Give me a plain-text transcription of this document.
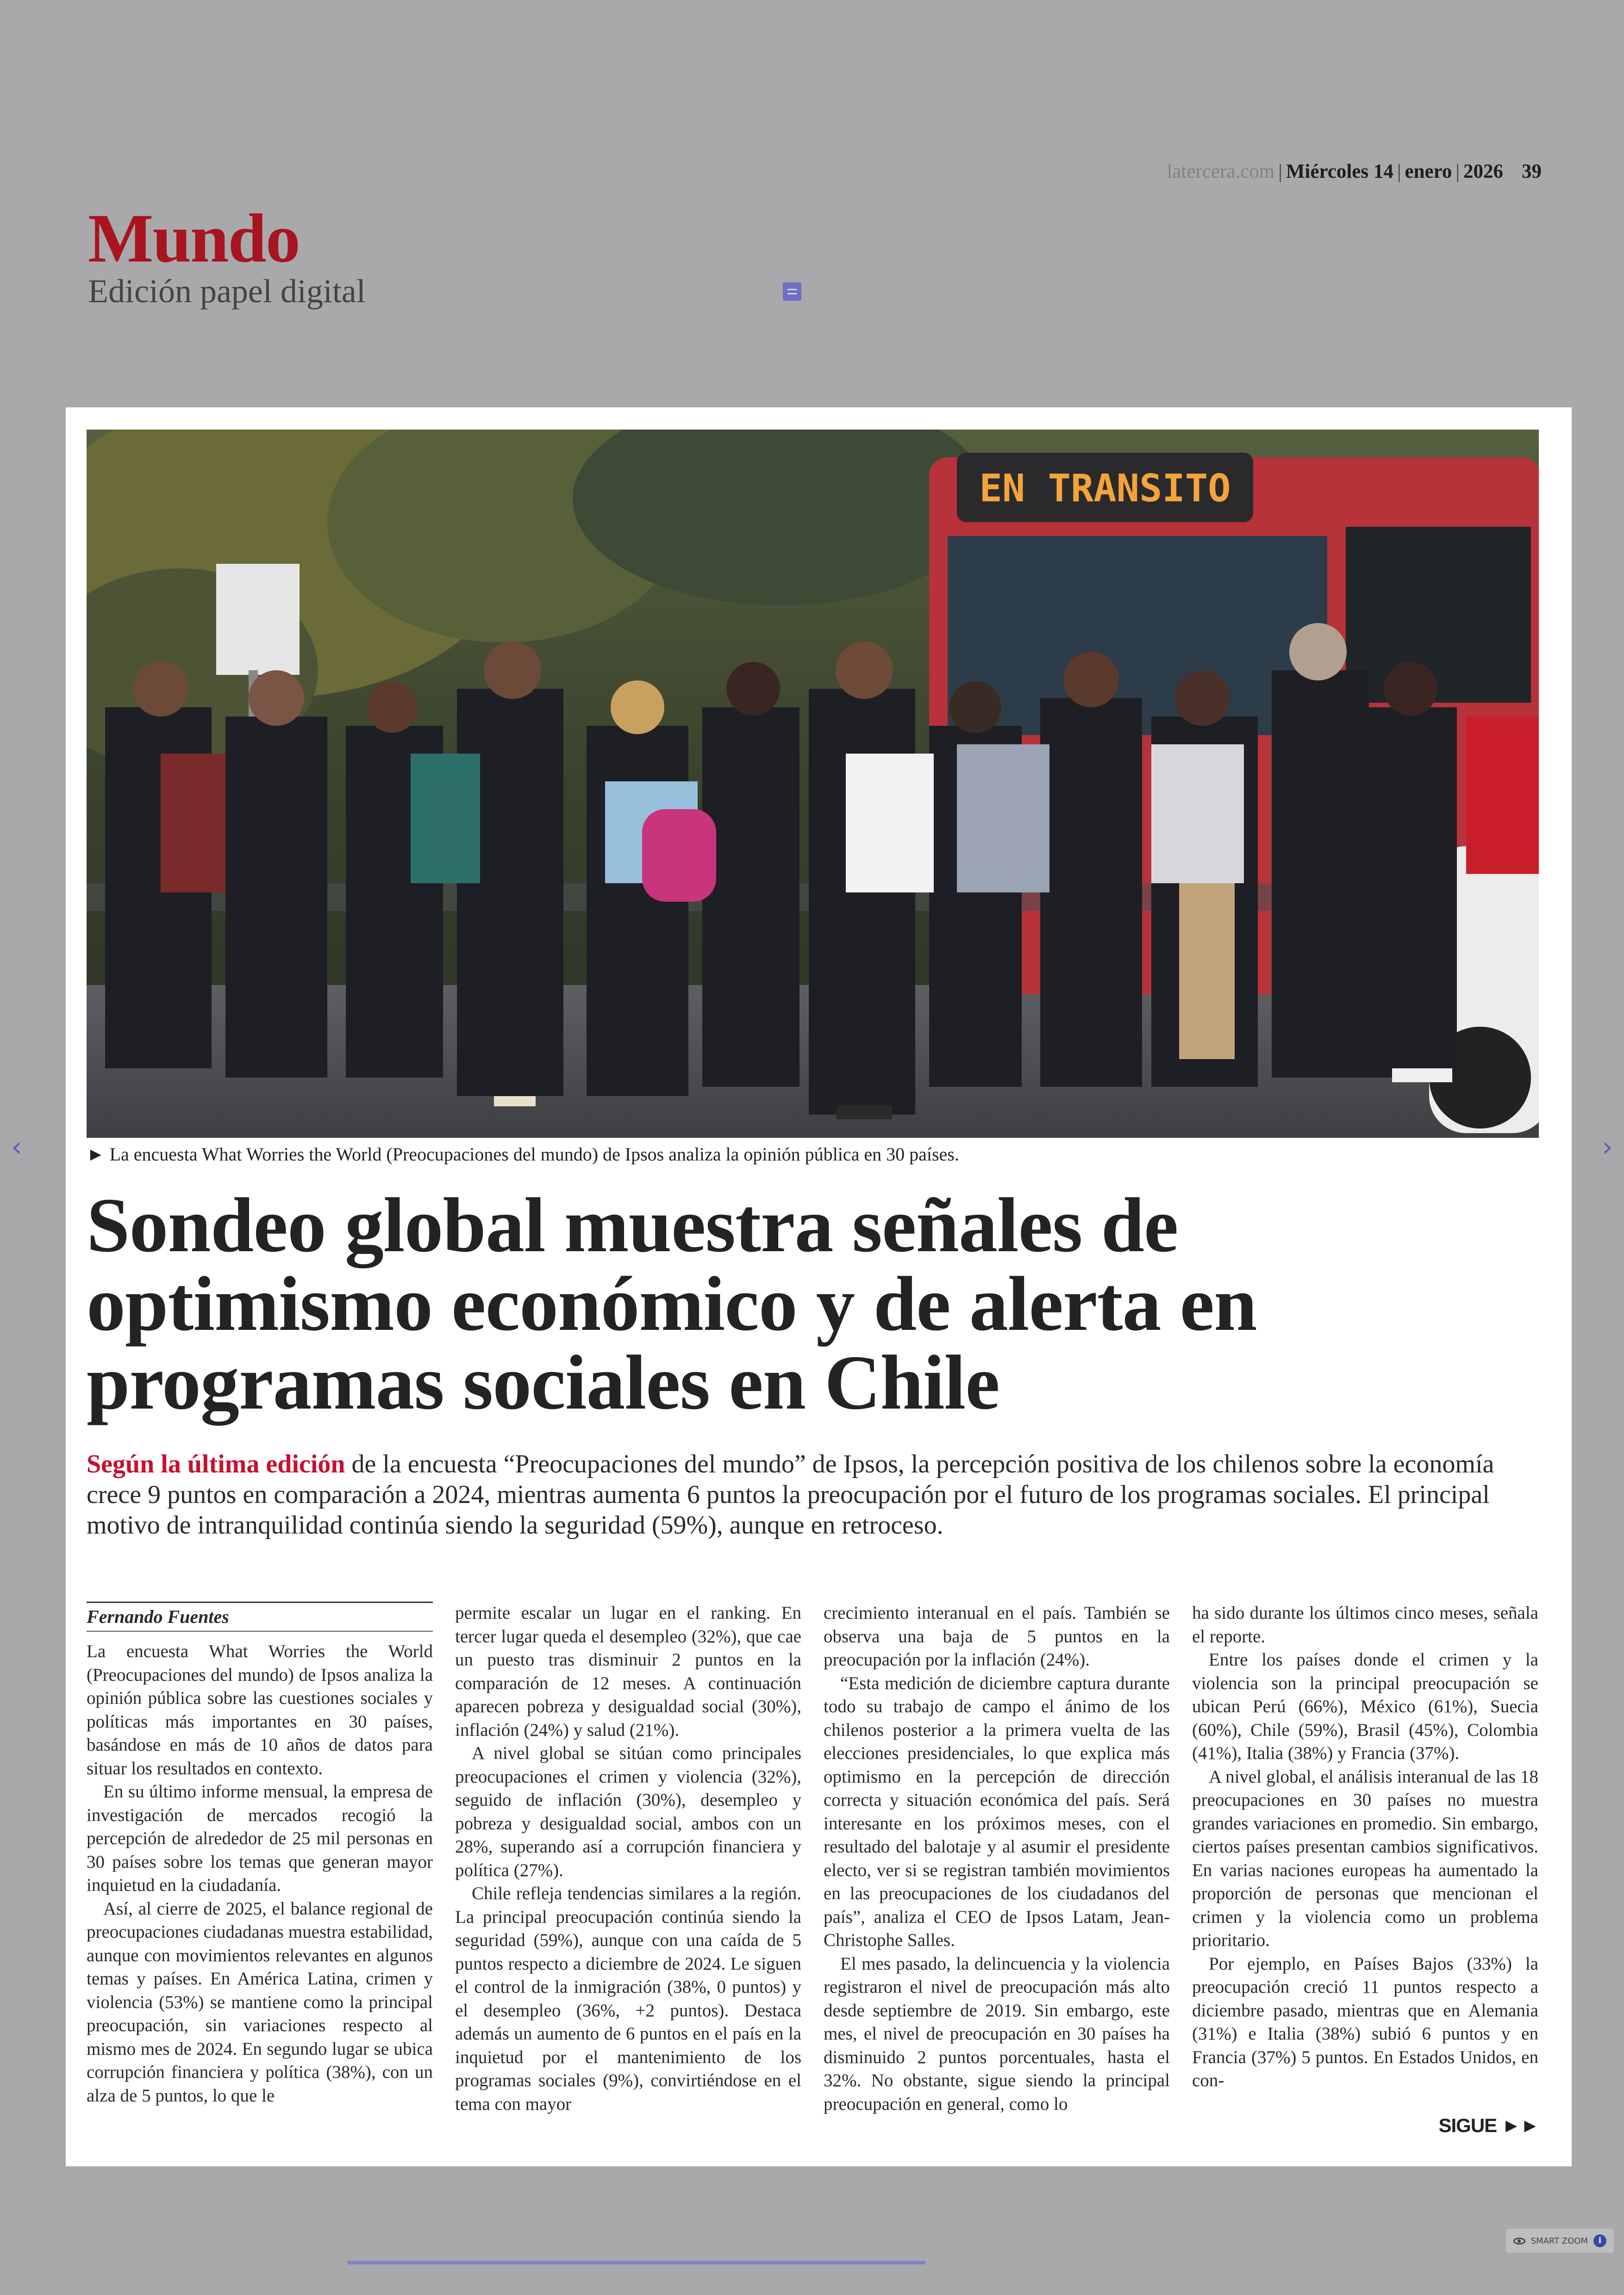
latercera.com | Miércoles 14 | enero | 2026 39
Mundo
Edición papel digital
‹	›
EN TRANSITO
► La encuesta What Worries the World (Preocupaciones del mundo) de Ipsos analiza la opinión pública en 30 países.
Sondeo global muestra señales de optimismo económico y de alerta en programas sociales en Chile

Según la última edición de la encuesta “Preocupaciones del mundo” de Ipsos, la percepción positiva de los chilenos sobre la economía crece 9 puntos en comparación a 2024, mientras aumenta 6 puntos la preocupación por el futuro de los programas sociales. El principal motivo de intranquilidad continúa siendo la seguridad (59%), aunque en retroceso.

Fernando Fuentes

La encuesta What Worries the World (Preocupaciones del mundo) de Ipsos analiza la opinión pública sobre las cuestiones sociales y políticas más importantes en 30 países, basándose en más de 10 años de datos para situar los resultados en contexto.

En su último informe mensual, la empresa de investigación de mercados recogió la percepción de alrededor de 25 mil personas en 30 países sobre los temas que generan mayor inquietud en la ciudadanía.

Así, al cierre de 2025, el balance regional de preocupaciones ciudadanas muestra estabilidad, aunque con movimientos relevantes en algunos temas y países. En América Latina, crimen y violencia (53%) se mantiene como la principal preocupación, sin variaciones respecto al mismo mes de 2024. En segundo lugar se ubica corrupción financiera y política (38%), con un alza de 5 puntos, lo que le

permite escalar un lugar en el ranking. En tercer lugar queda el desempleo (32%), que cae un puesto tras disminuir 2 puntos en la comparación de 12 meses. A continuación aparecen pobreza y desigualdad social (30%), inflación (24%) y salud (21%).

A nivel global se sitúan como principales preocupaciones el crimen y violencia (32%), seguido de inflación (30%), desempleo y pobreza y desigualdad social, ambos con un 28%, superando así a corrupción financiera y política (27%).

Chile refleja tendencias similares a la región. La principal preocupación continúa siendo la seguridad (59%), aunque con una caída de 5 puntos respecto a diciembre de 2024. Le siguen el control de la inmigración (38%, 0 puntos) y el desempleo (36%, +2 puntos). Destaca además un aumento de 6 puntos en el país en la inquietud por el mantenimiento de los programas sociales (9%), convirtiéndose en el tema con mayor

crecimiento interanual en el país. También se observa una baja de 5 puntos en la preocupación por la inflación (24%).

“Esta medición de diciembre captura durante todo su trabajo de campo el ánimo de los chilenos posterior a la primera vuelta de las elecciones presidenciales, lo que explica más optimismo en la percepción de dirección correcta y situación económica del país. Será interesante en los próximos meses, con el resultado del balotaje y al asumir el presidente electo, ver si se registran también movimientos en las preocupaciones de los ciudadanos del país”, analiza el CEO de Ipsos Latam, Jean-Christophe Salles.

El mes pasado, la delincuencia y la violencia registraron el nivel de preocupación más alto desde septiembre de 2019. Sin embargo, este mes, el nivel de preocupación en 30 países ha disminuido 2 puntos porcentuales, hasta el 32%. No obstante, sigue siendo la principal preocupación en general, como lo

ha sido durante los últimos cinco meses, señala el reporte.

Entre los países donde el crimen y la violencia son la principal preocupación se ubican Perú (66%), México (61%), Suecia (60%), Chile (59%), Brasil (45%), Colombia (41%), Italia (38%) y Francia (37%).

A nivel global, el análisis interanual de las 18 preocupaciones en 30 países no muestra grandes variaciones en promedio. Sin embargo, ciertos países presentan cambios significativos. En varias naciones europeas ha aumentado la proporción de personas que mencionan el crimen y la violencia como un problema prioritario.

Por ejemplo, en Países Bajos (33%) la preocupación creció 11 puntos respecto a diciembre pasado, mientras que en Alemania (31%) e Italia (38%) subió 6 puntos y en Francia (37%) 5 puntos. En Estados Unidos, en con-

SIGUE ►►
SMART ZOOM	i
